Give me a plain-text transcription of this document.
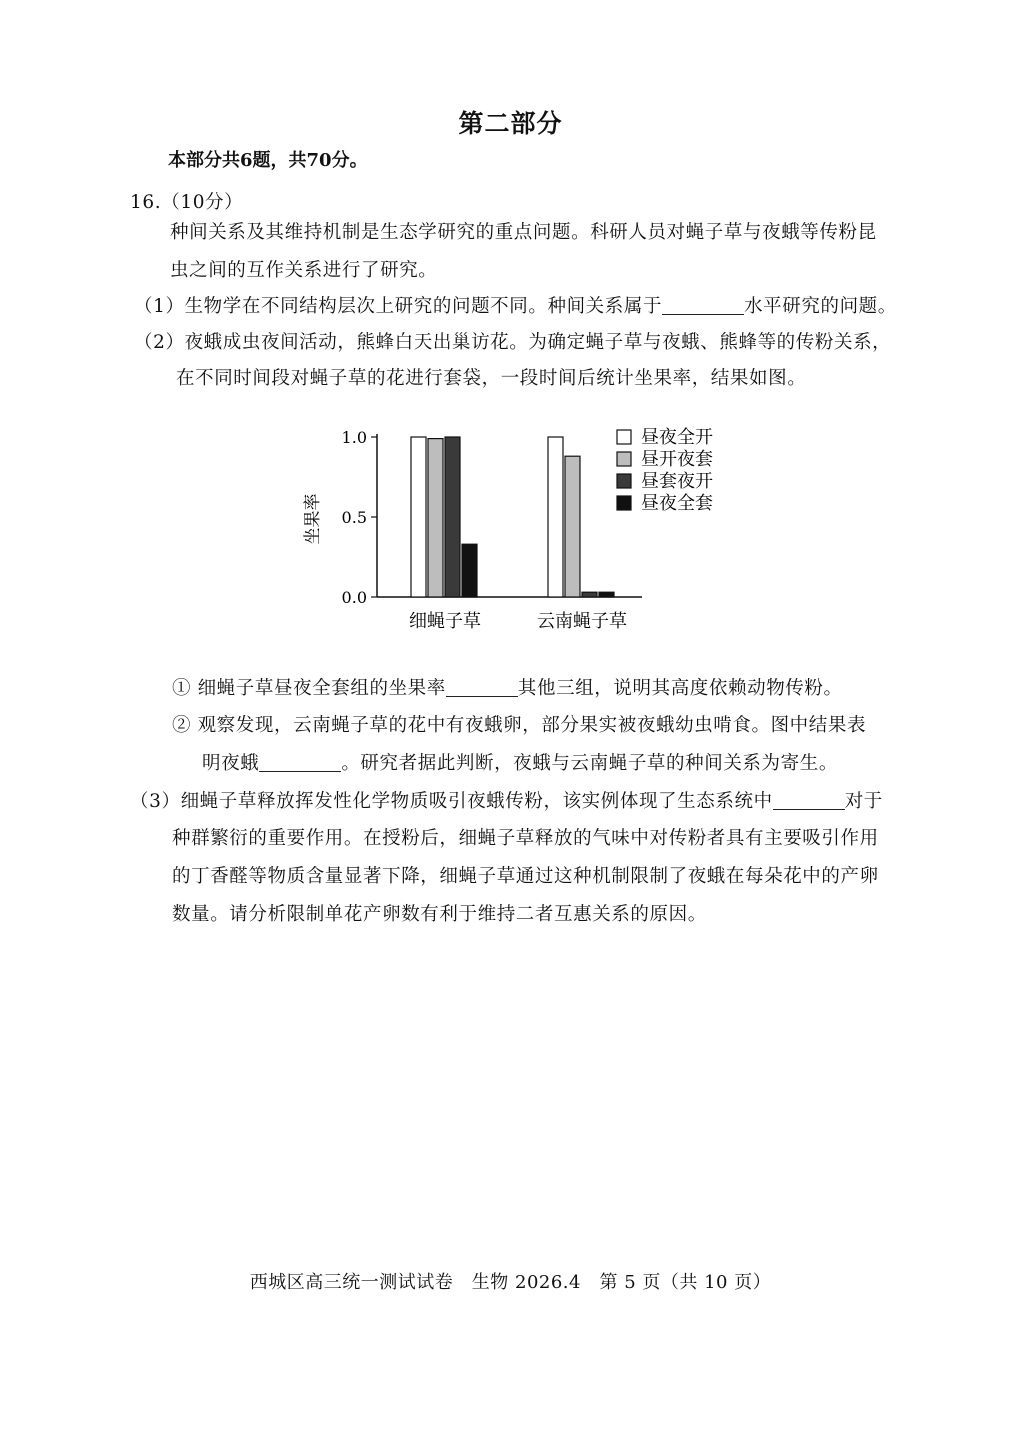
第二部分
本部分共6题，共70分。
16.（10分）
种间关系及其维持机制是生态学研究的重点问题。科研人员对蝇子草与夜蛾等传粉昆
虫之间的互作关系进行了研究。
（1）生物学在不同结构层次上研究的问题不同。种间关系属于	水平研究的问题。
（2）夜蛾成虫夜间活动，熊蜂白天出巢访花。为确定蝇子草与夜蛾、熊蜂等的传粉关系，
在不同时间段对蝇子草的花进行套袋，一段时间后统计坐果率，结果如图。
0.0
0.5
1.0
坐果率
细蝇子草	云南蝇子草
昼夜全开
昼开夜套
昼套夜开
昼夜全套
① 细蝇子草昼夜全套组的坐果率	其他三组，说明其高度依赖动物传粉。
② 观察发现，云南蝇子草的花中有夜蛾卵，部分果实被夜蛾幼虫啃食。图中结果表
明夜蛾	。研究者据此判断，夜蛾与云南蝇子草的种间关系为寄生。
（3）细蝇子草释放挥发性化学物质吸引夜蛾传粉，该实例体现了生态系统中	对于
种群繁衍的重要作用。在授粉后，细蝇子草释放的气味中对传粉者具有主要吸引作用
的丁香醛等物质含量显著下降，细蝇子草通过这种机制限制了夜蛾在每朵花中的产卵
数量。请分析限制单花产卵数有利于维持二者互惠关系的原因。
西城区高三统一测试试卷　生物 2026.4　第 5 页（共 10 页）
